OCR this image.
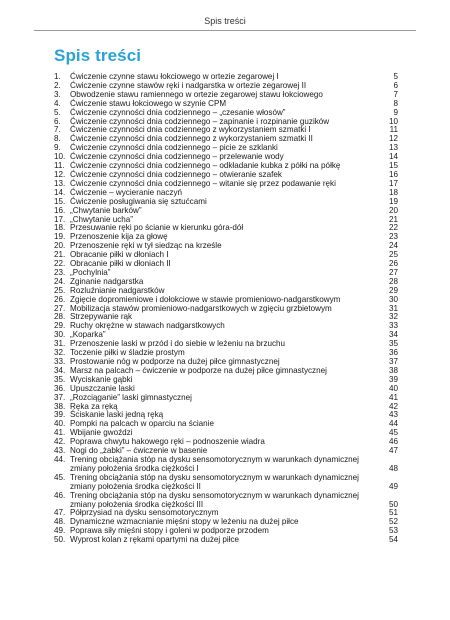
Spis treści
Spis treści
1.	Ćwiczenie czynne stawu łokciowego w ortezie zegarowej I	5
2.	Ćwiczenie czynne stawów ręki i nadgarstka w ortezie zegarowej II	6
3.	Obwodzenie stawu ramiennego w ortezie zegarowej stawu łokciowego	7
4.	Ćwiczenie stawu łokciowego w szynie CPM	8
5.	Ćwiczenie czynności dnia codziennego – „czesanie włosów”	9
6.	Ćwiczenie czynności dnia codziennego – zapinanie i rozpinanie guzików	10
7.	Ćwiczenie czynności dnia codziennego z wykorzystaniem szmatki I	11
8.	Ćwiczenie czynności dnia codziennego z wykorzystaniem szmatki II	12
9.	Ćwiczenie czynności dnia codziennego – picie ze szklanki	13
10. Ćwiczenie czynności dnia codziennego – przelewanie wody	14
11. Ćwiczenie czynności dnia codziennego – odkładanie kubka z półki na półkę	15
12. Ćwiczenie czynności dnia codziennego – otwieranie szafek	16
13. Ćwiczenie czynności dnia codziennego – witanie się przez podawanie ręki	17
14. Ćwiczenie – wycieranie naczyń	18
15. Ćwiczenie posługiwania się sztućcami	19
16. „Chwytanie barków”	20
17. „Chwytanie ucha”	21
18. Przesuwanie ręki po ścianie w kierunku góra-dół	22
19. Przenoszenie kija za głowę	23
20. Przenoszenie ręki w tył siedząc na krześle	24
21. Obracanie piłki w dłoniach I	25
22. Obracanie piłki w dłoniach II	26
23. „Pochylnia”	27
24. Zginanie nadgarstka	28
25. Rozluźnianie nadgarstków	29
26. Zgięcie dopromieniowe i dołokciowe w stawie promieniowo-nadgarstkowym	30
27. Mobilizacja stawów promieniowo-nadgarstkowych w zgięciu grzbietowym	31
28. Strzepywanie rąk	32
29. Ruchy okrężne w stawach nadgarstkowych	33
30. „Koparka”	34
31. Przenoszenie laski w przód i do siebie w leżeniu na brzuchu	35
32. Toczenie piłki w śladzie prostym	36
33. Prostowanie nóg w podporze na dużej piłce gimnastycznej	37
34. Marsz na palcach – ćwiczenie w podporze na dużej piłce gimnastycznej	38
35. Wyciskanie gąbki	39
36. Upuszczanie laski	40
37. „Rozciąganie” laski gimnastycznej	41
38. Ręka za ręką	42
39. Ściskanie laski jedną ręką	43
40. Pompki na palcach w oparciu na ścianie	44
41. Wbijanie gwoździ	45
42. Poprawa chwytu hakowego ręki – podnoszenie wiadra	46
43. Nogi do „żabki” – ćwiczenie w basenie	47
44. Trening obciążania stóp na dysku sensomotorycznym w warunkach dynamicznej zmiany położenia środka ciężkości I	48
45. Trening obciążania stóp na dysku sensomotorycznym w warunkach dynamicznej zmiany położenia środka ciężkości II	49
46. Trening obciążania stóp na dysku sensomotorycznym w warunkach dynamicznej zmiany położenia środka ciężkości III	50
47. Półprzysiad na dysku sensomotorycznym	51
48. Dynamiczne wzmacnianie mięśni stopy w leżeniu na dużej piłce	52
49. Poprawa siły mięśni stopy i goleni w podporze przodem	53
50. Wyprost kolan z rękami opartymi na dużej piłce	54
